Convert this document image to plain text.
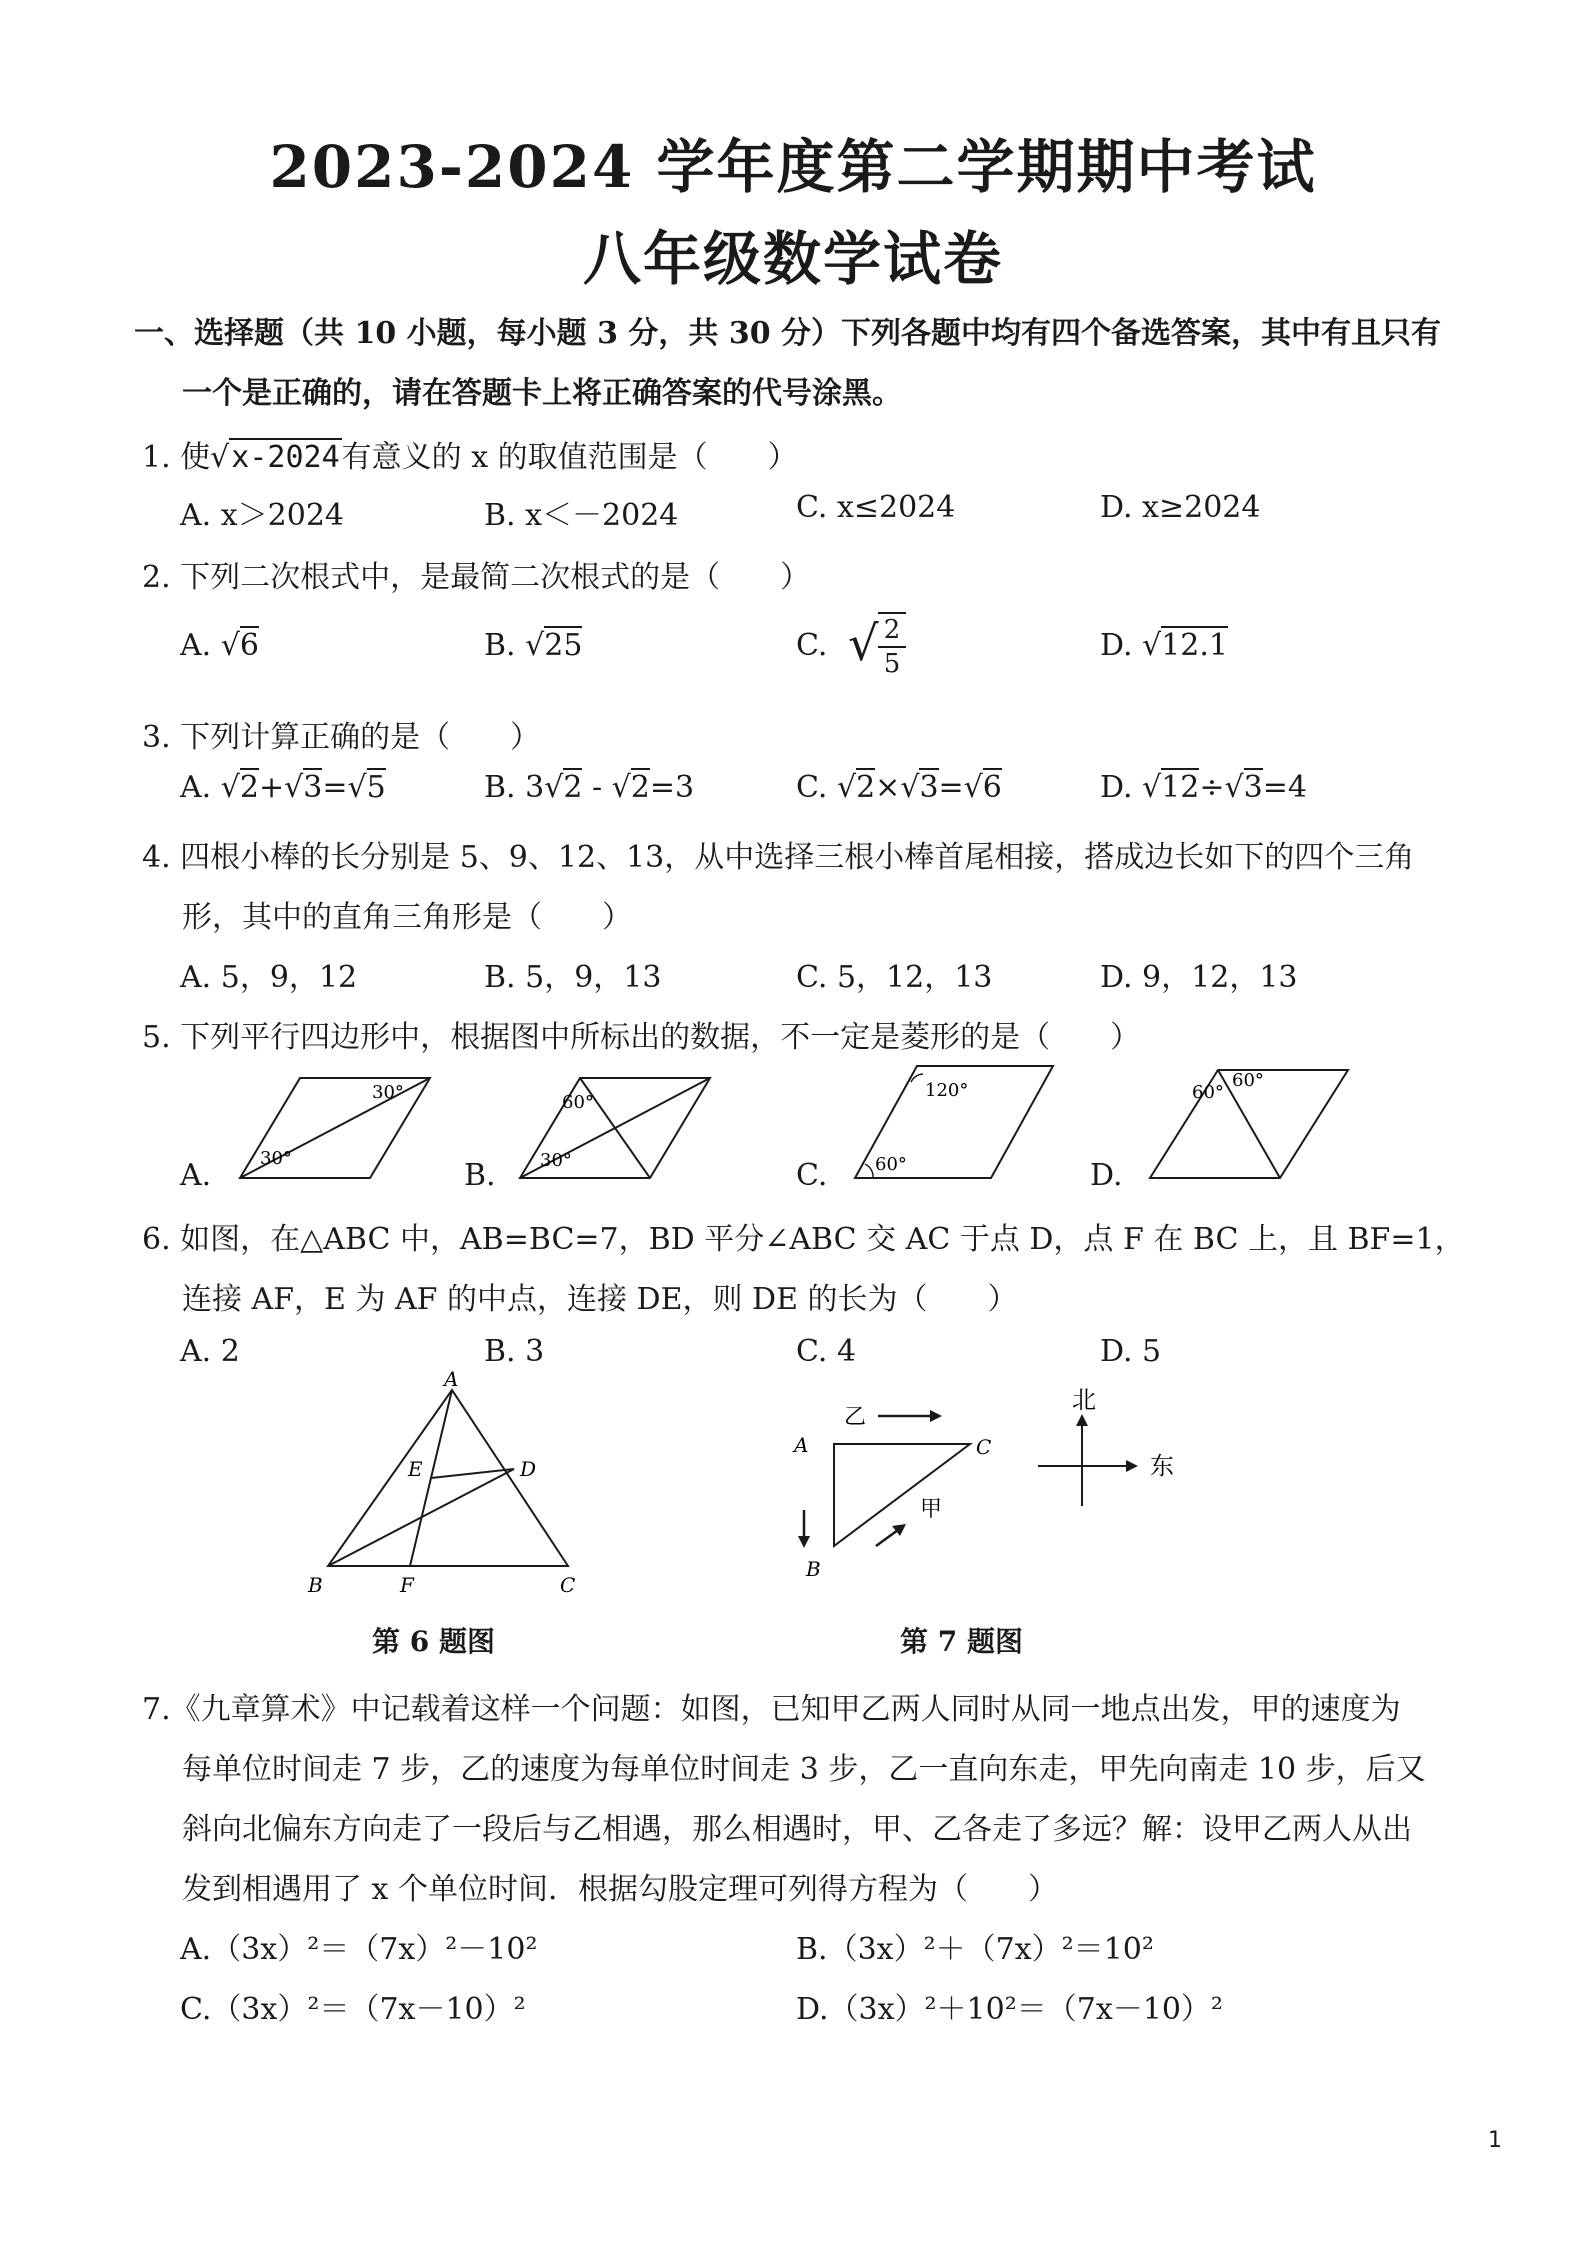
2023-2024 学年度第二学期期中考试
八年级数学试卷
一、选择题（共 10 小题，每小题 3 分，共 30 分）下列各题中均有四个备选答案，其中有且只有
一个是正确的，请在答题卡上将正确答案的代号涂黑。
1. 使√x-2024有意义的 x 的取值范围是（　　）
A. x＞2024	B. x＜－2024	C. x≤2024	D. x≥2024
2. 下列二次根式中，是最简二次根式的是（　　）
A. √6	B. √25	C. √ $\frac{2}{5}$	D. √12.1
3. 下列计算正确的是（　　）
A. √2+√3=√5	B. 3√2 - √2=3	C. √2×√3=√6	D. √12÷√3=4
4. 四根小棒的长分别是 5、9、12、13，从中选择三根小棒首尾相接，搭成边长如下的四个三角
形，其中的直角三角形是（　　）
A. 5，9，12	B. 5，9，13	C. 5，12，13	D. 9，12，13
5. 下列平行四边形中，根据图中所标出的数据，不一定是菱形的是（　　）
A.	30°
30°
B.
60°
30°	C.
120°
60°	D.
60°
60°
6. 如图，在△ABC 中，AB=BC=7，BD 平分∠ABC 交 AC 于点 D，点 F 在 BC 上，且 BF=1，
连接 AF，E 为 AF 的中点，连接 DE，则 DE 的长为（　　）
A. 2	B. 3	C. 4	D. 5
A
B	C
D
E
F
第 6 题图
A
B
C
乙
甲
北
东
第 7 题图
7.《九章算术》中记载着这样一个问题：如图，已知甲乙两人同时从同一地点出发，甲的速度为
每单位时间走 7 步，乙的速度为每单位时间走 3 步，乙一直向东走，甲先向南走 10 步，后又
斜向北偏东方向走了一段后与乙相遇，那么相遇时，甲、乙各走了多远？解：设甲乙两人从出
发到相遇用了 x 个单位时间．根据勾股定理可列得方程为（　　）
A.（3x）²＝（7x）²－10²	B.（3x）²＋（7x）²＝10²
C.（3x）²＝（7x－10）²	D.（3x）²＋10²＝（7x－10）²
1
